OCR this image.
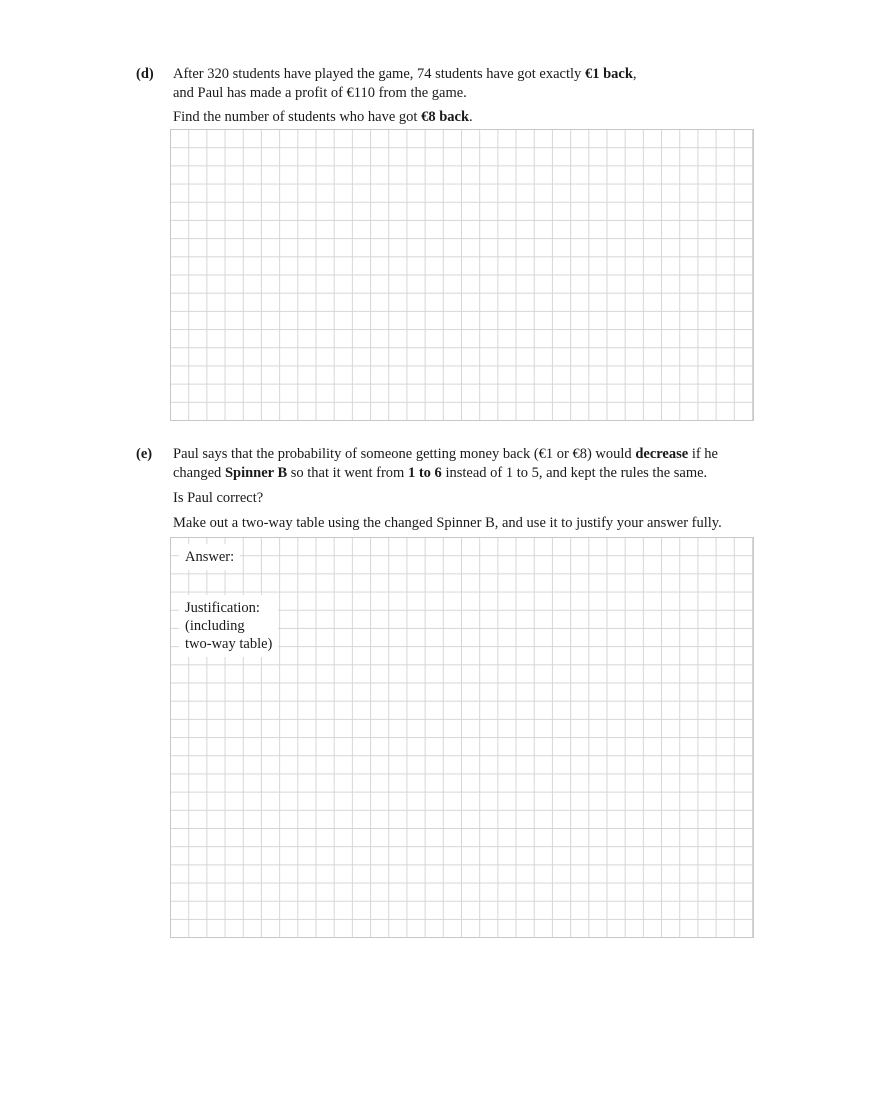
(d) After 320 students have played the game, 74 students have got exactly €1 back,
and Paul has made a profit of €110 from the game.
Find the number of students who have got €8 back.
(e) Paul says that the probability of someone getting money back (€1 or €8) would decrease if he
changed Spinner B so that it went from 1 to 6 instead of 1 to 5, and kept the rules the same.
Is Paul correct?
Make out a two-way table using the changed Spinner B, and use it to justify your answer fully.
Answer:
Justification:
(including
two-way table)
